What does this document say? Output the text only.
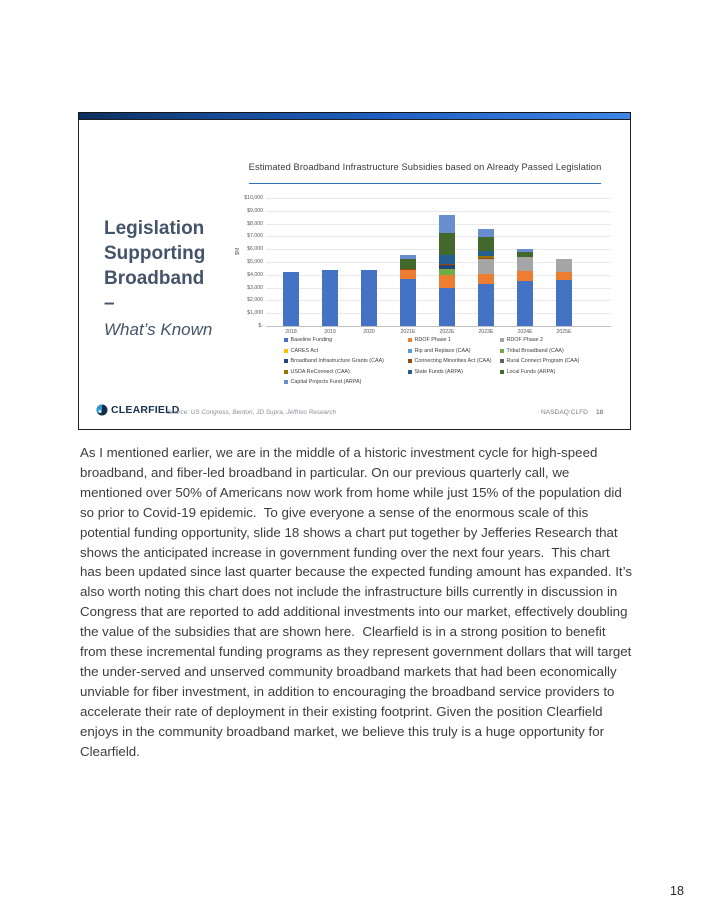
Legislation Supporting Broadband –
What’s Known
Estimated Broadband Infrastructure Subsidies based on Already Passed Legislation
$M
$10,000
$9,000
$8,000
$7,000
$6,000
$5,000
$4,000
$3,000
$2,000
$1,000
$-
2018	2019	2020	2021E	2022E	2023E	2024E	2025E
Baseline Funding	RDOF Phase 1	RDOF Phase 2
CARES Act	Rip and Replace (CAA)	Tribal Broadband (CAA)
Broadband Infrastructure Grants (CAA)	Connecting Minorities Act (CAA)	Rural Connect Program (CAA)
USDA ReConnect (CAA)	State Funds (ARPA)	Local Funds (ARPA)
Capital Projects Fund (ARPA)
CLEARFIELD
Source: US Congress, Benton, JD Supra, Jeffries Research	NASDAQ:CLFD 18
As I mentioned earlier, we are in the middle of a historic investment cycle for high-speed broadband, and fiber-led broadband in particular. On our previous quarterly call, we mentioned over 50% of Americans now work from home while just 15% of the population did so prior to Covid-19 epidemic.  To give everyone a sense of the enormous scale of this potential funding opportunity, slide 18 shows a chart put together by Jefferies Research that shows the anticipated increase in government funding over the next four years.  This chart has been updated since last quarter because the expected funding amount has expanded. It’s also worth noting this chart does not include the infrastructure bills currently in discussion in Congress that are reported to add additional investments into our market, effectively doubling the value of the subsidies that are shown here.  Clearfield is in a strong position to benefit from these incremental funding programs as they represent government dollars that will target the under-served and unserved community broadband markets that had been economically unviable for fiber investment, in addition to encouraging the broadband service providers to accelerate their rate of deployment in their existing footprint. Given the position Clearfield enjoys in the community broadband market, we believe this truly is a huge opportunity for Clearfield.
18
